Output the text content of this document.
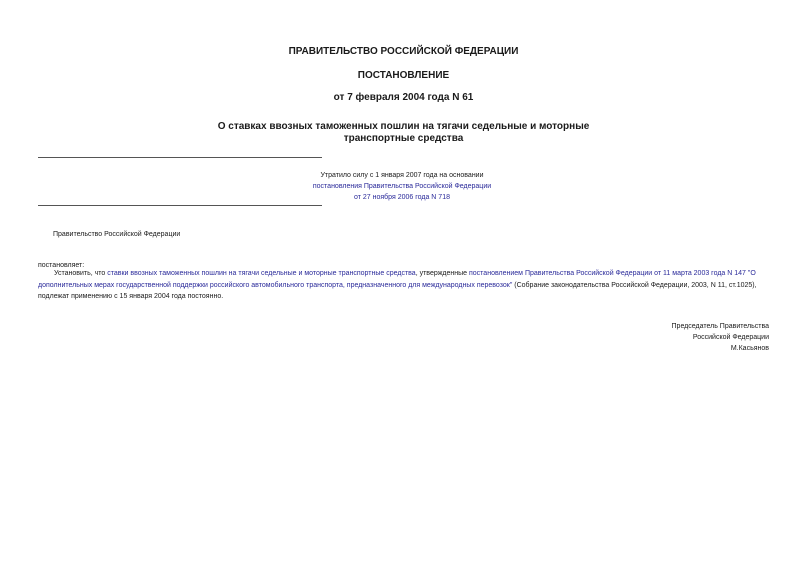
ПРАВИТЕЛЬСТВО РОССИЙСКОЙ ФЕДЕРАЦИИ
ПОСТАНОВЛЕНИЕ
от 7 февраля 2004 года N 61
О ставках ввозных таможенных пошлин на тягачи седельные и моторные
транспортные средства
Утратило силу с 1 января 2007 года на основании
постановления Правительства Российской Федерации
от 27 ноября 2006 года N 718
Правительство Российской Федерации
постановляет:
Установить, что ставки ввозных таможенных пошлин на тягачи седельные и моторные транспортные средства, утвержденные постановлением Правительства Российской Федерации от 11 марта 2003 года N 147 "О дополнительных мерах государственной поддержки российского автомобильного транспорта, предназначенного для международных перевозок" (Собрание законодательства Российской Федерации, 2003, N 11, ст.1025), подлежат применению с 15 января 2004 года постоянно.
Председатель Правительства
Российской Федерации
М.Касьянов
